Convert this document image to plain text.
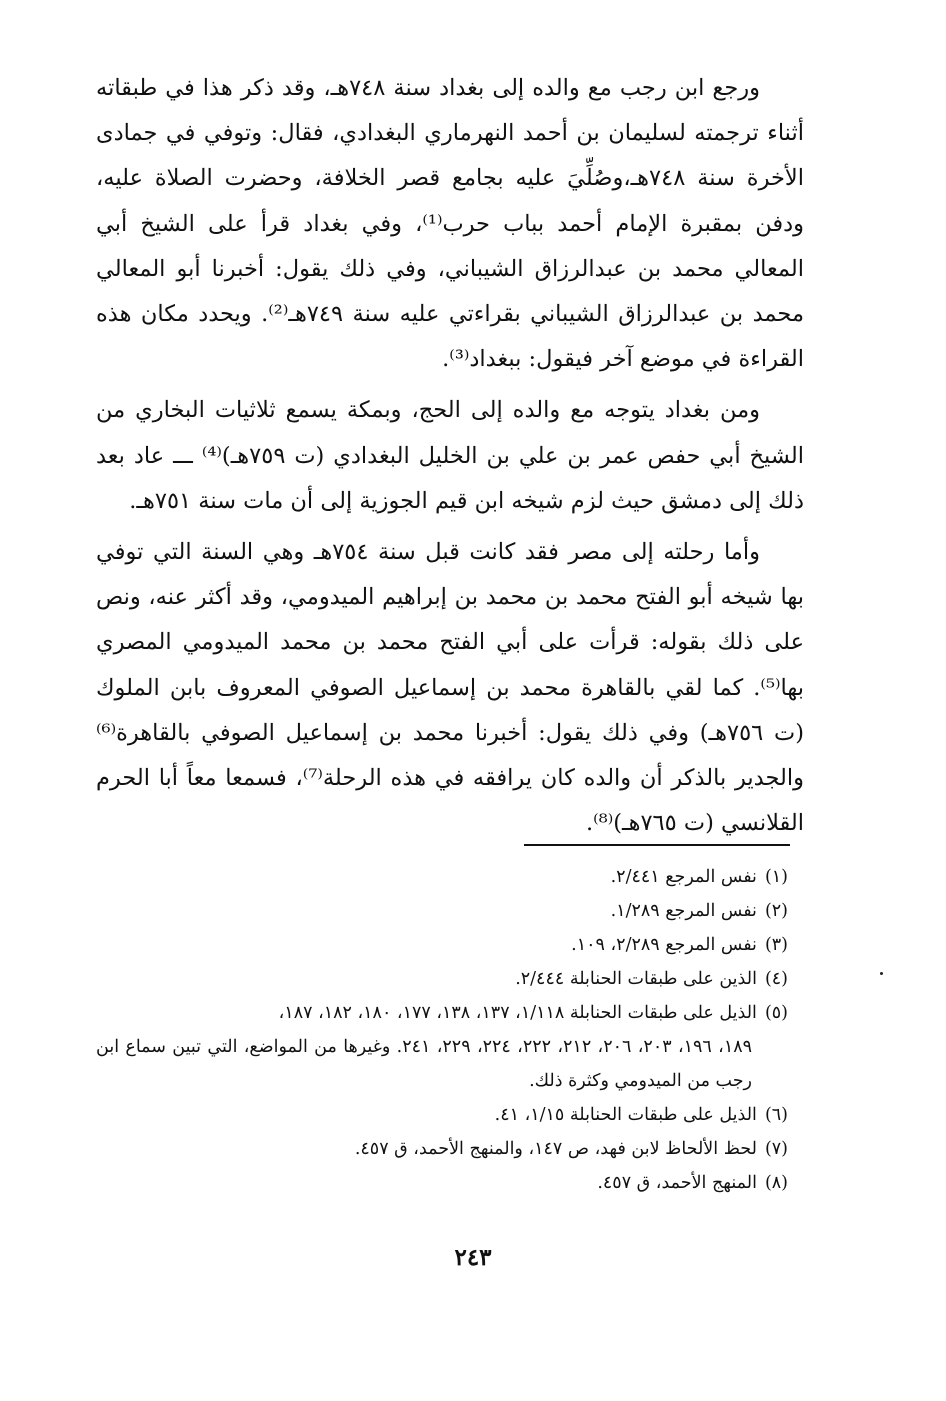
ورجع ابن رجب مع والده إلى بغداد سنة ٧٤٨هـ، وقد ذكر هذا في طبقاته أثناء ترجمته لسليمان بن أحمد النهرماري البغدادي، فقال: وتوفي في جمادى الأخرة سنة ٧٤٨هـ،وصُلِّيَ عليه بجامع قصر الخلافة، وحضرت الصلاة عليه، ودفن بمقبرة الإمام أحمد بباب حرب⁽¹⁾، وفي بغداد قرأ على الشيخ أبي المعالي محمد بن عبدالرزاق الشيباني، وفي ذلك يقول: أخبرنا أبو المعالي محمد بن عبدالرزاق الشيباني بقراءتي عليه سنة ٧٤٩هـ⁽²⁾. ويحدد مكان هذه القراءة في موضع آخر فيقول: ببغداد⁽³⁾.

ومن بغداد يتوجه مع والده إلى الحج، وبمكة يسمع ثلاثيات البخاري من الشيخ أبي حفص عمر بن علي بن الخليل البغدادي (ت ٧٥٩هـ)⁽⁴⁾ ـــ عاد بعد ذلك إلى دمشق حيث لزم شيخه ابن قيم الجوزية إلى أن مات سنة ٧٥١هـ.

وأما رحلته إلى مصر فقد كانت قبل سنة ٧٥٤هـ وهي السنة التي توفي بها شيخه أبو الفتح محمد بن محمد بن إبراهيم الميدومي، وقد أكثر عنه، ونص على ذلك بقوله: قرأت على أبي الفتح محمد بن محمد الميدومي المصري بها⁽⁵⁾. كما لقي بالقاهرة محمد بن إسماعيل الصوفي المعروف بابن الملوك (ت ٧٥٦هـ) وفي ذلك يقول: أخبرنا محمد بن إسماعيل الصوفي بالقاهرة⁽⁶⁾ والجدير بالذكر أن والده كان يرافقه في هذه الرحلة⁽⁷⁾، فسمعا معاً أبا الحرم القلانسي (ت ٧٦٥هـ)⁽⁸⁾.

(١)نفس المرجع ٢/٤٤١.

(٢)نفس المرجع ١/٢٨٩.

(٣)نفس المرجع ٢/٢٨٩، ١٠٩.

(٤)الذين على طبقات الحنابلة ٢/٤٤٤.

(٥)الذيل على طبقات الحنابلة ١/١١٨، ١٣٧، ١٣٨، ١٧٧، ١٨٠، ١٨٢، ١٨٧،

١٨٩، ١٩٦، ٢٠٣، ٢٠٦، ٢١٢، ٢٢٢، ٢٢٤، ٢٢٩، ٢٤١. وغيرها من المواضع، التي تبين سماع ابن رجب من الميدومي وكثرة ذلك.

(٦)الذيل على طبقات الحنابلة ١/١٥، ٤١.

(٧)لحظ الألحاظ لابن فهد، ص ١٤٧، والمنهج الأحمد، ق ٤٥٧.

(٨)المنهج الأحمد، ق ٤٥٧.

٢٤٣
